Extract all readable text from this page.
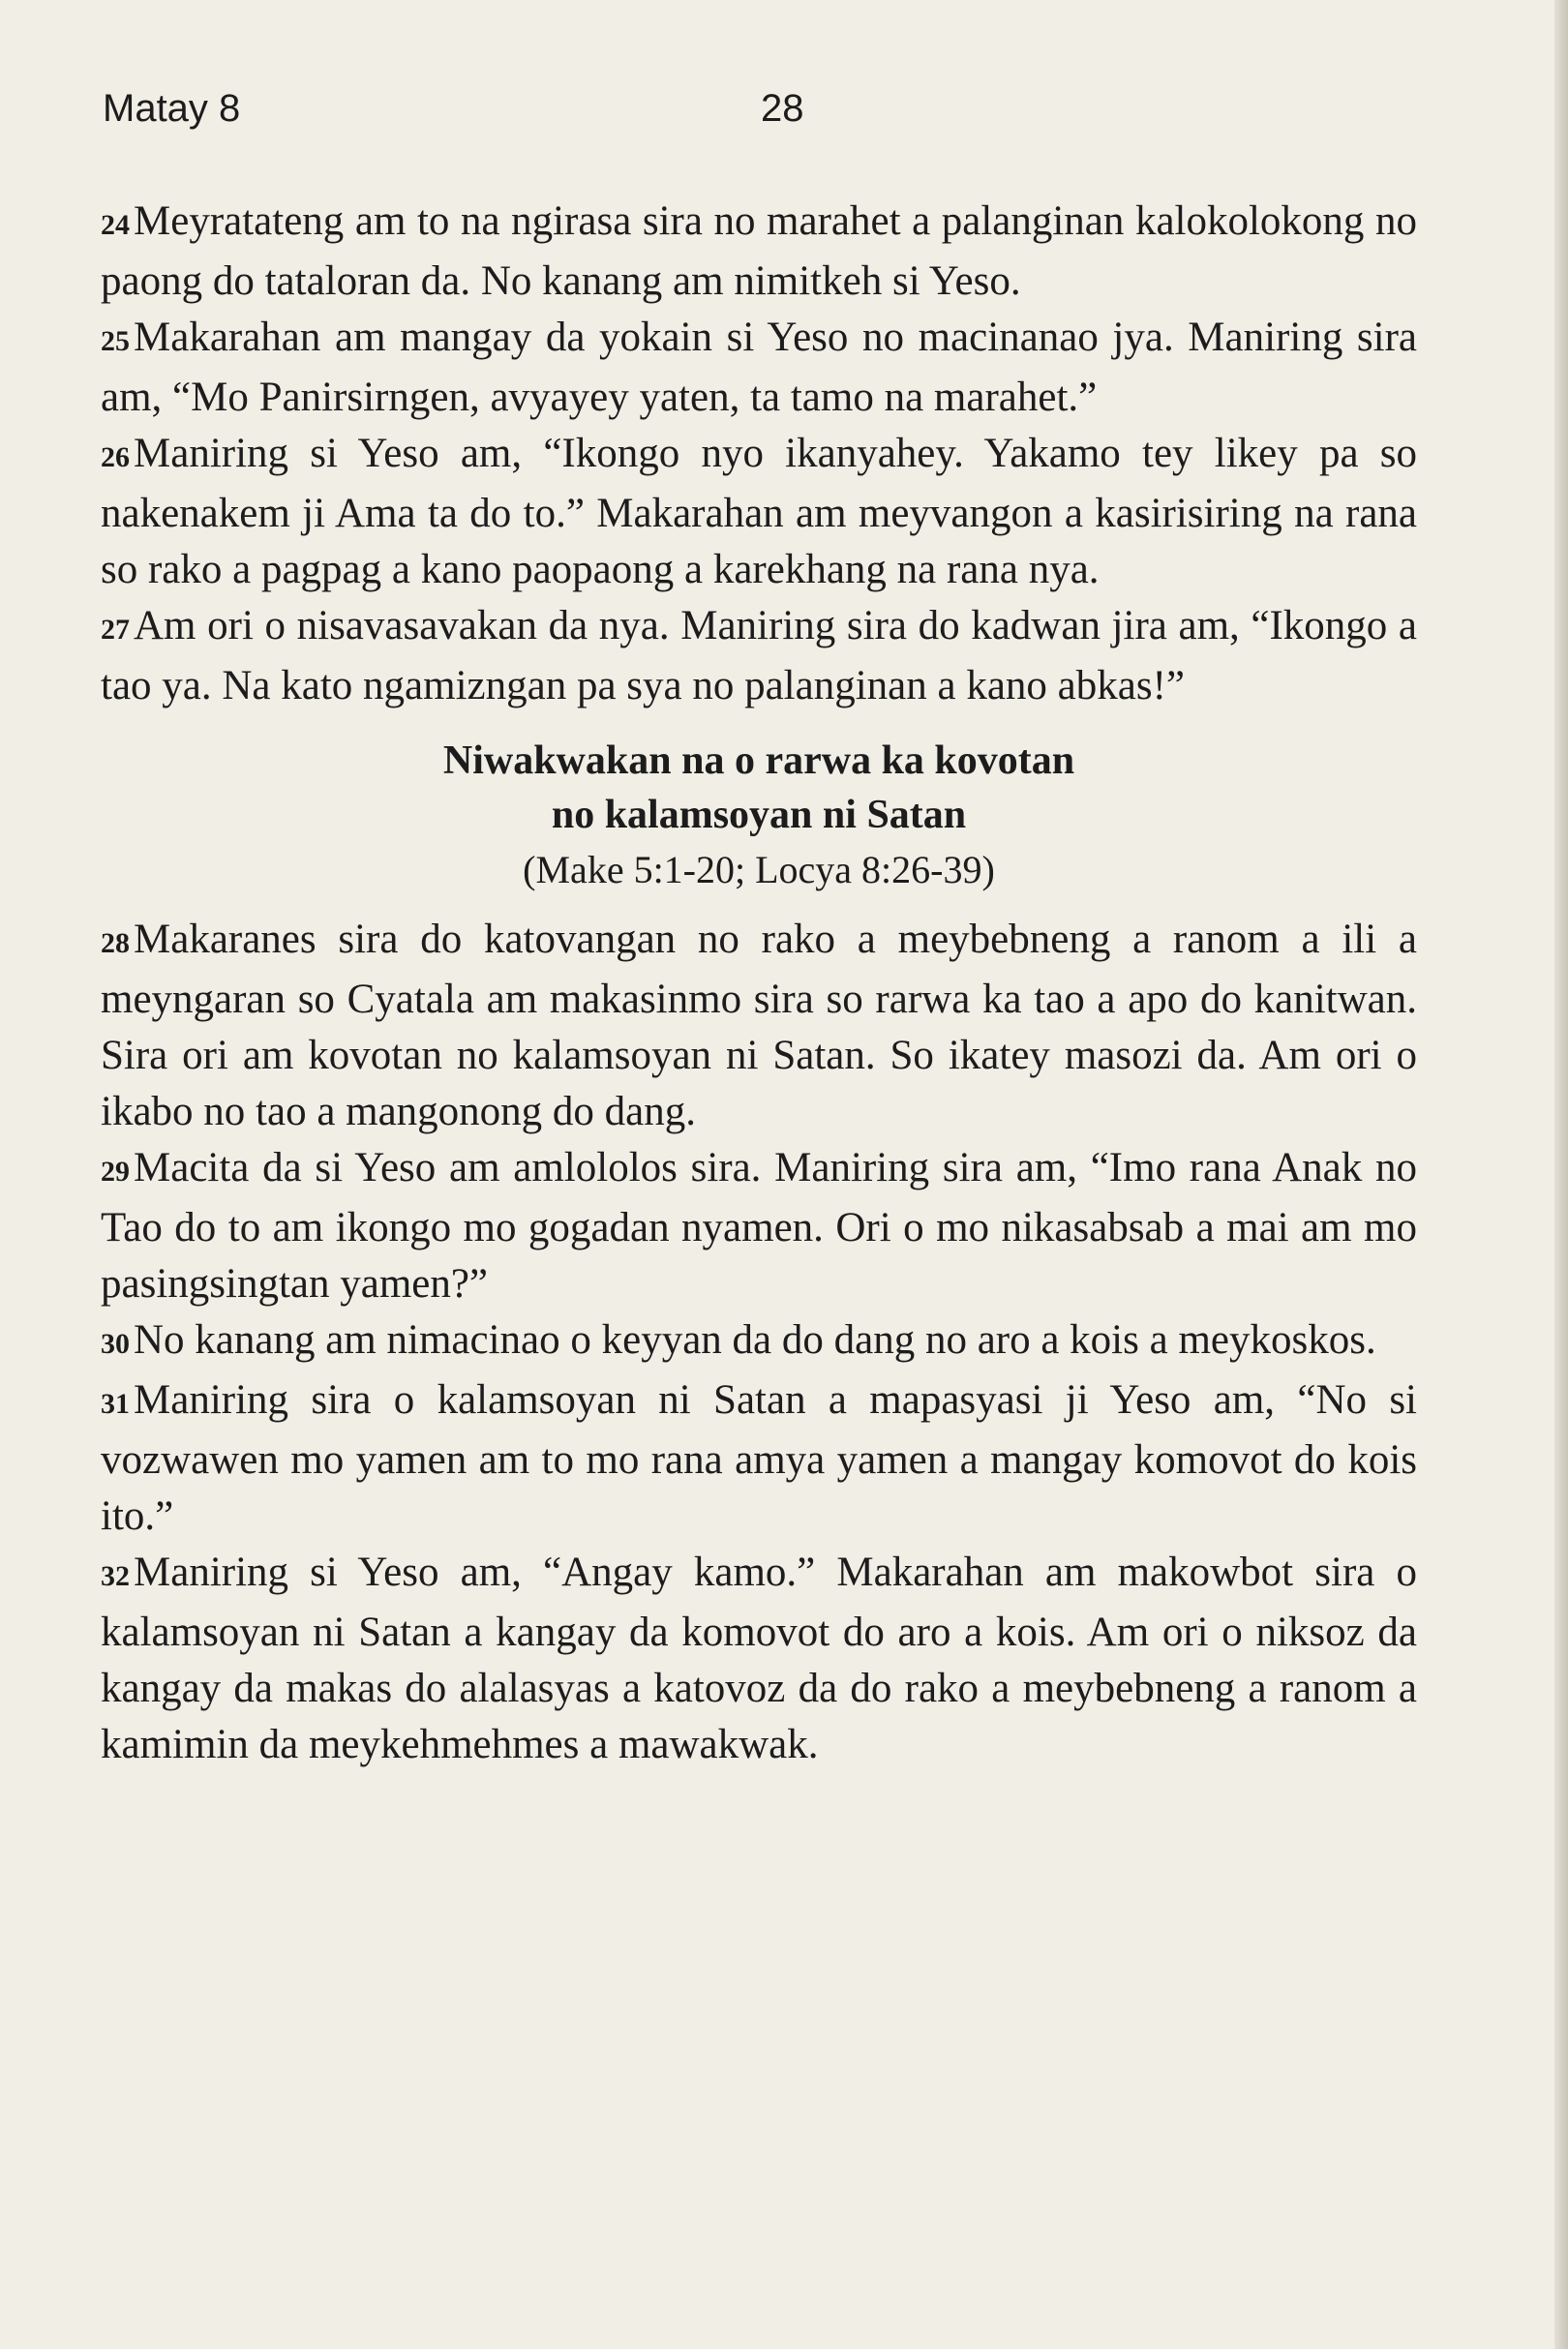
Matay 8	28

24Meyratateng am to na ngirasa sira no marahet a palanginan kalokolokong no paong do tataloran da. No kanang am nimitkeh si Yeso.

25Makarahan am mangay da yokain si Yeso no macinanao jya. Maniring sira am, “Mo Panirsirngen, avyayey yaten, ta tamo na marahet.”

26Maniring si Yeso am, “Ikongo nyo ikanyahey. Yakamo tey likey pa so nakenakem ji Ama ta do to.” Makarahan am meyvangon a kasirisiring na rana so rako a pagpag a kano paopaong a karekhang na rana nya.

27Am ori o nisavasavakan da nya. Maniring sira do kadwan jira am, “Ikongo a tao ya. Na kato ngamizngan pa sya no palanginan a kano abkas!”

Niwakwakan na o rarwa ka kovotan
no kalamsoyan ni Satan
(Make 5:1-20; Locya 8:26-39)

28Makaranes sira do katovangan no rako a meybebneng a ranom a ili a meyngaran so Cyatala am makasinmo sira so rarwa ka tao a apo do kanitwan. Sira ori am kovotan no kalamsoyan ni Satan. So ikatey masozi da. Am ori o ikabo no tao a mangonong do dang.

29Macita da si Yeso am amlololos sira. Maniring sira am, “Imo rana Anak no Tao do to am ikongo mo gogadan nyamen. Ori o mo nikasabsab a mai am mo pasingsingtan yamen?”

30No kanang am nimacinao o keyyan da do dang no aro a kois a meykoskos.

31Maniring sira o kalamsoyan ni Satan a mapasyasi ji Yeso am, “No si vozwawen mo yamen am to mo rana amya yamen a mangay komovot do kois ito.”

32Maniring si Yeso am, “Angay kamo.” Makarahan am makowbot sira o kalamsoyan ni Satan a kangay da komovot do aro a kois. Am ori o niksoz da kangay da makas do alalasyas a katovoz da do rako a meybebneng a ranom a kamimin da meykehmehmes a mawakwak.
